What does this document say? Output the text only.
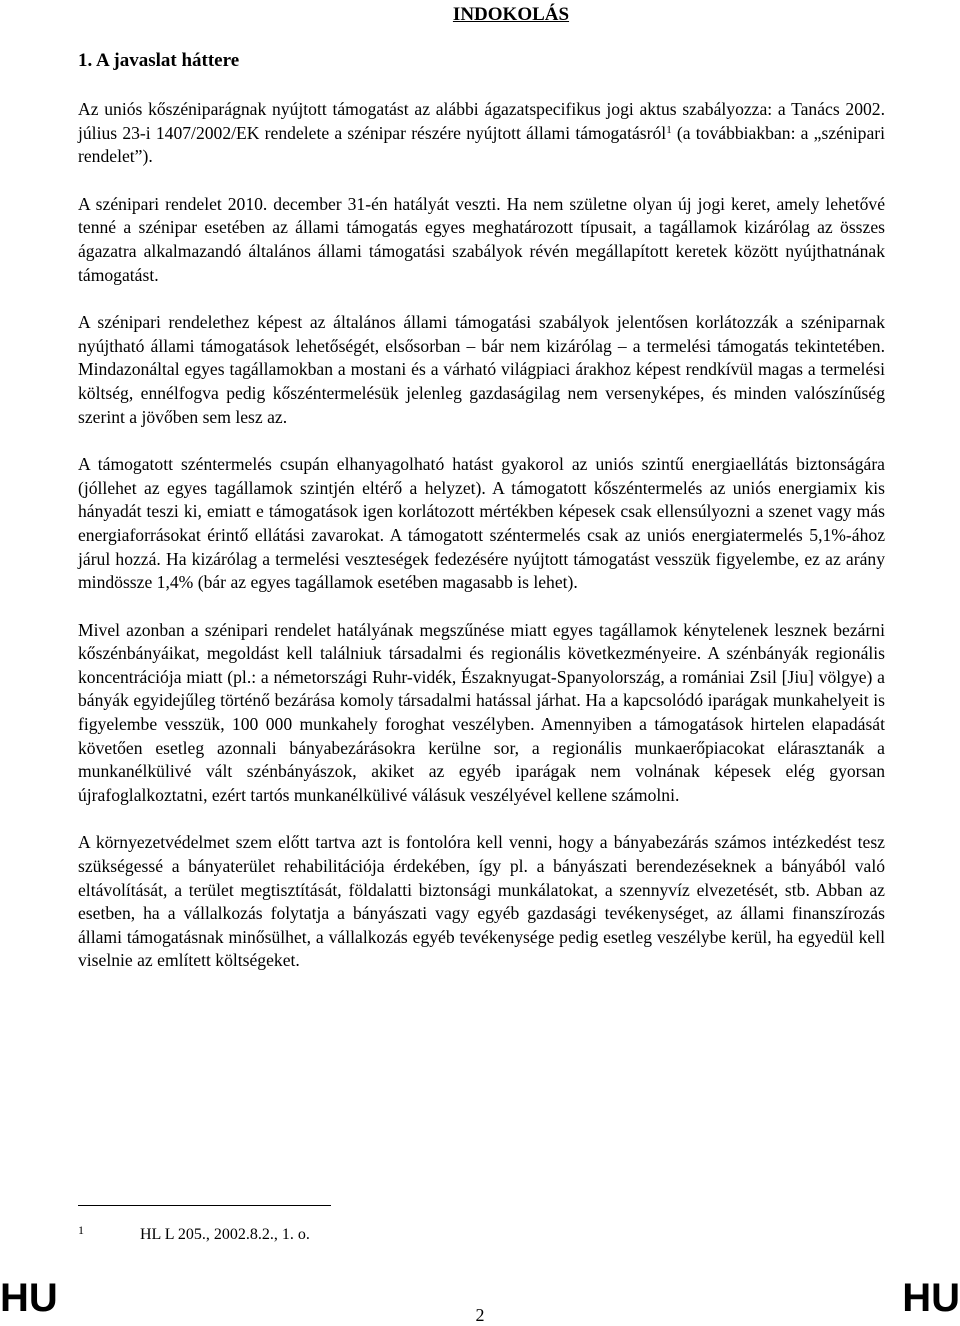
INDOKOLÁS
1. A javaslat háttere

Az uniós kőszéniparágnak nyújtott támogatást az alábbi ágazatspecifikus jogi aktus szabályozza: a Tanács 2002. július 23-i 1407/2002/EK rendelete a szénipar részére nyújtott állami támogatásról$^1$ (a továbbiakban: a „szénipari rendelet”).

A szénipari rendelet 2010. december 31-én hatályát veszti. Ha nem születne olyan új jogi keret, amely lehetővé tenné a szénipar esetében az állami támogatás egyes meghatározott típusait, a tagállamok kizárólag az összes ágazatra alkalmazandó általános állami támogatási szabályok révén megállapított keretek között nyújthatnának támogatást.

A szénipari rendelethez képest az általános állami támogatási szabályok jelentősen korlátozzák a széniparnak nyújtható állami támogatások lehetőségét, elsősorban – bár nem kizárólag – a termelési támogatás tekintetében. Mindazonáltal egyes tagállamokban a mostani és a várható világpiaci árakhoz képest rendkívül magas a termelési költség, ennélfogva pedig kőszéntermelésük jelenleg gazdaságilag nem versenyképes, és minden valószínűség szerint a jövőben sem lesz az.

A támogatott széntermelés csupán elhanyagolható hatást gyakorol az uniós szintű energiaellátás biztonságára (jóllehet az egyes tagállamok szintjén eltérő a helyzet). A támogatott kőszéntermelés az uniós energiamix kis hányadát teszi ki, emiatt e támogatások igen korlátozott mértékben képesek csak ellensúlyozni a szenet vagy más energiaforrásokat érintő ellátási zavarokat. A támogatott széntermelés csak az uniós energiatermelés 5,1%-ához járul hozzá. Ha kizárólag a termelési veszteségek fedezésére nyújtott támogatást vesszük figyelembe, ez az arány mindössze 1,4% (bár az egyes tagállamok esetében magasabb is lehet).

Mivel azonban a szénipari rendelet hatályának megszűnése miatt egyes tagállamok kénytelenek lesznek bezárni kőszénbányáikat, megoldást kell találniuk társadalmi és regionális következményeire. A szénbányák regionális koncentrációja miatt (pl.: a németországi Ruhr-vidék, Északnyugat-Spanyolország, a romániai Zsil [Jiu] völgye) a bányák egyidejűleg történő bezárása komoly társadalmi hatással járhat. Ha a kapcsolódó iparágak munkahelyeit is figyelembe vesszük, 100 000 munkahely foroghat veszélyben. Amennyiben a támogatások hirtelen elapadását követően esetleg azonnali bányabezárásokra kerülne sor, a regionális munkaerőpiacokat elárasztanák a munkanélkülivé vált szénbányászok, akiket az egyéb iparágak nem volnának képesek elég gyorsan újrafoglalkoztatni, ezért tartós munkanélkülivé válásuk veszélyével kellene számolni.

A környezetvédelmet szem előtt tartva azt is fontolóra kell venni, hogy a bányabezárás számos intézkedést tesz szükségessé a bányaterület rehabilitációja érdekében, így pl. a bányászati berendezéseknek a bányából való eltávolítását, a terület megtisztítását, földalatti biztonsági munkálatokat, a szennyvíz elvezetését, stb. Abban az esetben, ha a vállalkozás folytatja a bányászati vagy egyéb gazdasági tevékenységet, az állami finanszírozás állami támogatásnak minősülhet, a vállalkozás egyéb tevékenysége pedig esetleg veszélybe kerül, ha egyedül kell viselnie az említett költségeket.

1	HL L 205., 2002.8.2., 1. o.
HU	2	HU
